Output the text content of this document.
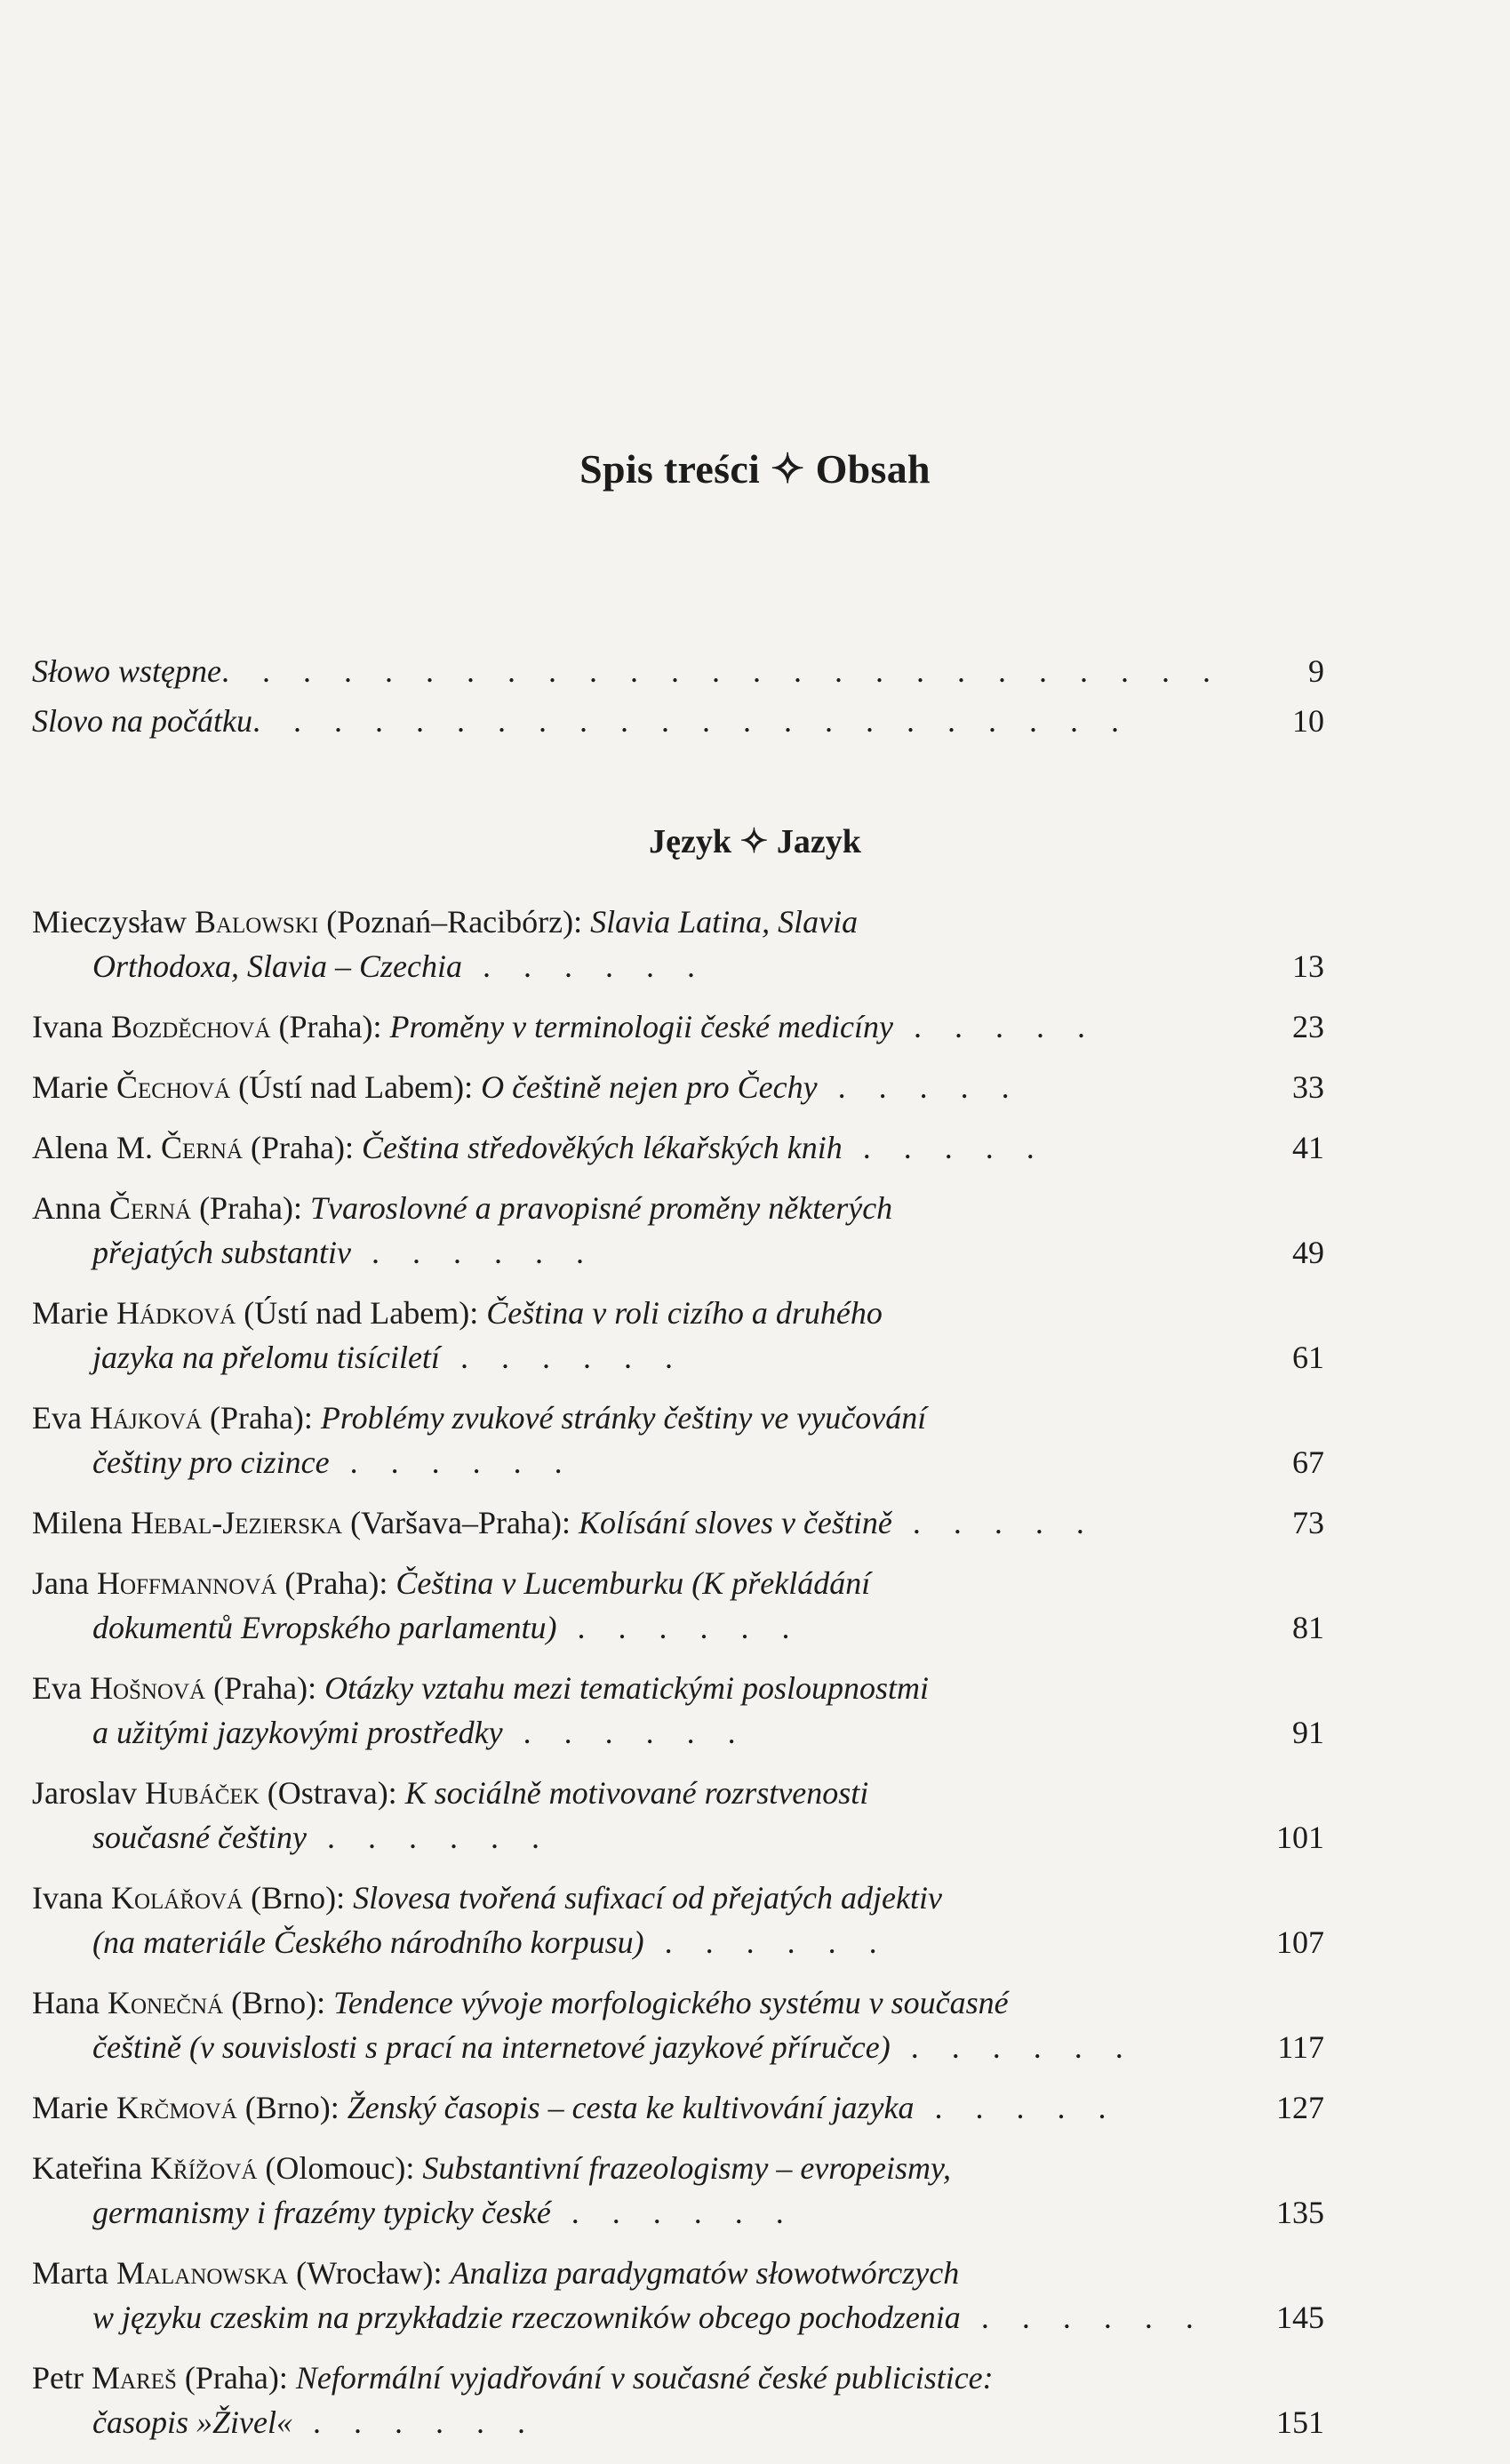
Spis treści ✧ Obsah
Słowo wstępne. . . . . . . . . . . . . . . . . . . . . . . . .	9
Slovo na počátku. . . . . . . . . . . . . . . . . . . . . .	10
Język ✧ Jazyk
Mieczysław Balowski (Poznań–Racibórz): Slavia Latina, Slavia
Orthodoxa, Slavia – Czechia . . . . . .	13
Ivana Bozděchová (Praha): Proměny v terminologii české medicíny . . . . .	23
Marie Čechová (Ústí nad Labem): O češtině nejen pro Čechy . . . . .	33
Alena M. Černá (Praha): Čeština středověkých lékařských knih . . . . .	41
Anna Černá (Praha): Tvaroslovné a pravopisné proměny některých
přejatých substantiv . . . . . .	49
Marie Hádková (Ústí nad Labem): Čeština v roli cizího a druhého
jazyka na přelomu tisíciletí . . . . . .	61
Eva Hájková (Praha): Problémy zvukové stránky češtiny ve vyučování
češtiny pro cizince . . . . . .	67
Milena Hebal-Jezierska (Varšava–Praha): Kolísání sloves v češtině . . . . .	73
Jana Hoffmannová (Praha): Čeština v Lucemburku (K překládání
dokumentů Evropského parlamentu) . . . . . .	81
Eva Hošnová (Praha): Otázky vztahu mezi tematickými posloupnostmi
a užitými jazykovými prostředky . . . . . .	91
Jaroslav Hubáček (Ostrava): K sociálně motivované rozrstvenosti
současné češtiny . . . . . .	101
Ivana Kolářová (Brno): Slovesa tvořená sufixací od přejatých adjektiv
(na materiále Českého národního korpusu) . . . . . .	107
Hana Konečná (Brno): Tendence vývoje morfologického systému v současné
češtině (v souvislosti s prací na internetové jazykové příručce) . . . . . .	117
Marie Krčmová (Brno): Ženský časopis – cesta ke kultivování jazyka . . . . .	127
Kateřina Křížová (Olomouc): Substantivní frazeologismy – evropeismy,
germanismy i frazémy typicky české . . . . . .	135
Marta Malanowska (Wrocław): Analiza paradygmatów słowotwórczych
w języku czeskim na przykładzie rzeczowników obcego pochodzenia . . . . . .	145
Petr Mareš (Praha): Neformální vyjadřování v současné české publicistice:
časopis »Živel« . . . . . .	151
